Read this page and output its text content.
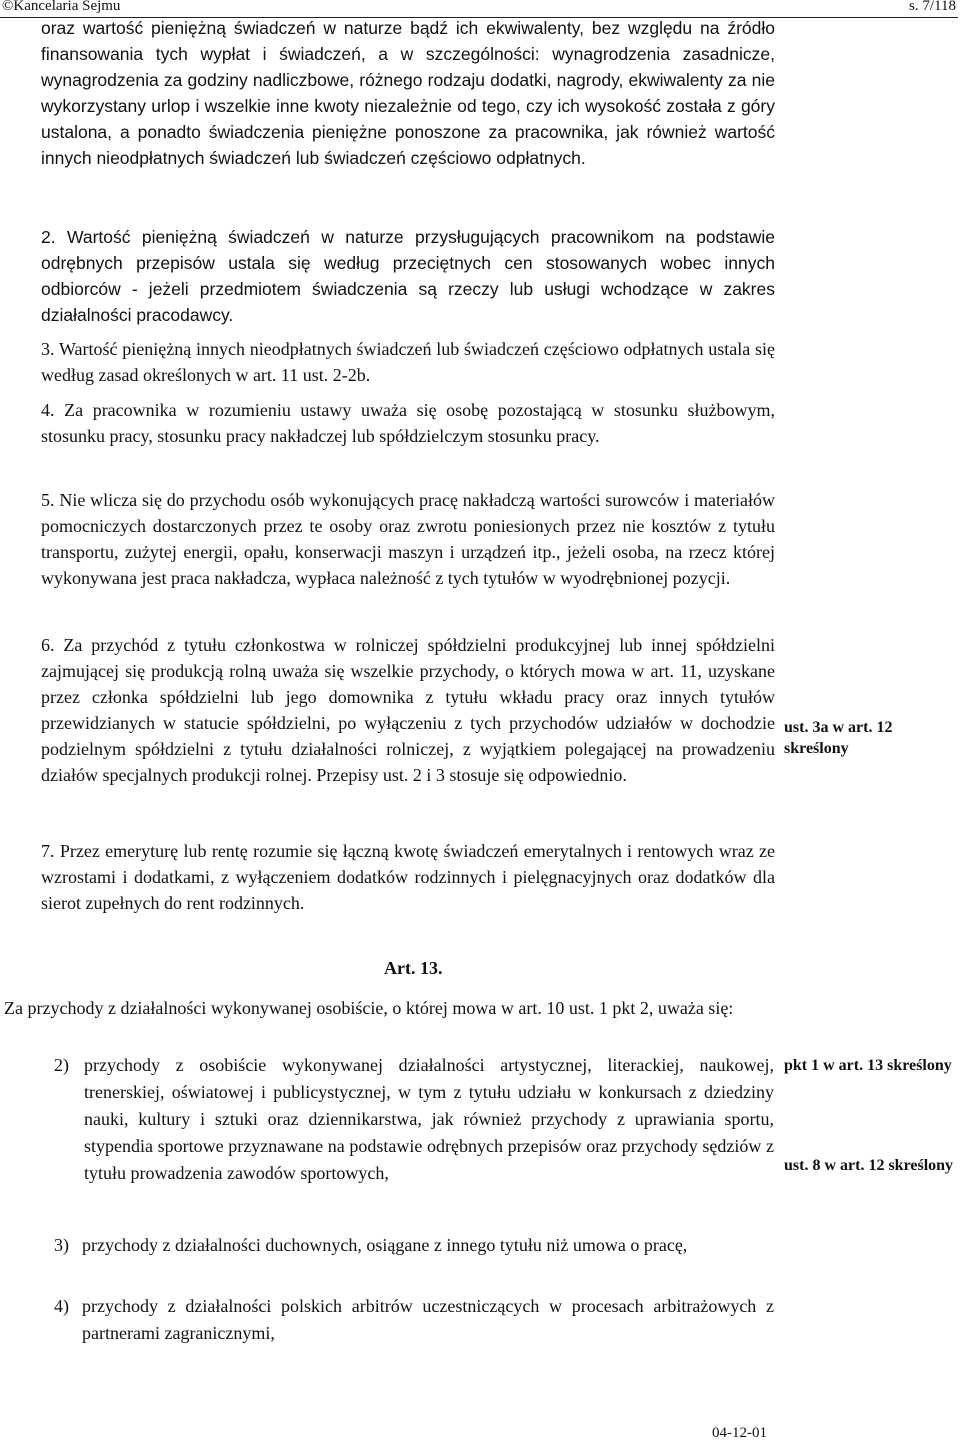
©Kancelaria Sejmu	s. 7/118
oraz wartość pieniężną świadczeń w naturze bądź ich ekwiwalenty, bez względu na źródło finansowania tych wypłat i świadczeń, a w szczególności: wynagrodzenia zasadnicze, wynagrodzenia za godziny nadliczbowe, różnego rodzaju dodatki, nagrody, ekwiwalenty za nie wykorzystany urlop i wszelkie inne kwoty niezależnie od tego, czy ich wysokość została z góry ustalona, a ponadto świadczenia pieniężne ponoszone za pracownika, jak również wartość innych nieodpłatnych świadczeń lub świadczeń częściowo odpłatnych.
2. Wartość pieniężną świadczeń w naturze przysługujących pracownikom na podstawie odrębnych przepisów ustala się według przeciętnych cen stosowanych wobec innych odbiorców - jeżeli przedmiotem świadczenia są rzeczy lub usługi wchodzące w zakres działalności pracodawcy.
3. Wartość pieniężną innych nieodpłatnych świadczeń lub świadczeń częściowo odpłatnych ustala się według zasad określonych w art. 11 ust. 2-2b.
4. Za pracownika w rozumieniu ustawy uważa się osobę pozostającą w stosunku służbowym, stosunku pracy, stosunku pracy nakładczej lub spółdzielczym stosunku pracy.
5. Nie wlicza się do przychodu osób wykonujących pracę nakładczą wartości surowców i materiałów pomocniczych dostarczonych przez te osoby oraz zwrotu poniesionych przez nie kosztów z tytułu transportu, zużytej energii, opału, konserwacji maszyn i urządzeń itp., jeżeli osoba, na rzecz której wykonywana jest praca nakładcza, wypłaca należność z tych tytułów w wyodrębnionej pozycji.
6. Za przychód z tytułu członkostwa w rolniczej spółdzielni produkcyjnej lub innej spółdzielni zajmującej się produkcją rolną uważa się wszelkie przychody, o których mowa w art. 11, uzyskane przez członka spółdzielni lub jego domownika z tytułu wkładu pracy oraz innych tytułów przewidzianych w statucie spółdzielni, po wyłączeniu z tych przychodów udziałów w dochodzie podzielnym spółdzielni z tytułu działalności rolniczej, z wyjątkiem polegającej na prowadzeniu działów specjalnych produkcji rolnej. Przepisy ust. 2 i 3 stosuje się odpowiednio.
7. Przez emeryturę lub rentę rozumie się łączną kwotę świadczeń emerytalnych i rentowych wraz ze wzrostami i dodatkami, z wyłączeniem dodatków rodzinnych i pielęgnacyjnych oraz dodatków dla sierot zupełnych do rent rodzinnych.
Art. 13.
Za przychody z działalności wykonywanej osobiście, o której mowa w art. 10 ust. 1 pkt 2, uważa się:
2) przychody z osobiście wykonywanej działalności artystycznej, literackiej, naukowej, trenerskiej, oświatowej i publicystycznej, w tym z tytułu udziału w konkursach z dziedziny nauki, kultury i sztuki oraz dziennikarstwa, jak również przychody z uprawiania sportu, stypendia sportowe przyznawane na podstawie odrębnych przepisów oraz przychody sędziów z tytułu prowadzenia zawodów sportowych,
3) przychody z działalności duchownych, osiągane z innego tytułu niż umowa o pracę,
4) przychody z działalności polskich arbitrów uczestniczących w procesach arbitrażowych z partnerami zagranicznymi,
ust. 3a w art. 12 skreślony
pkt 1 w art. 13 skreślony
ust. 8 w art. 12 skreślony
04-12-01
